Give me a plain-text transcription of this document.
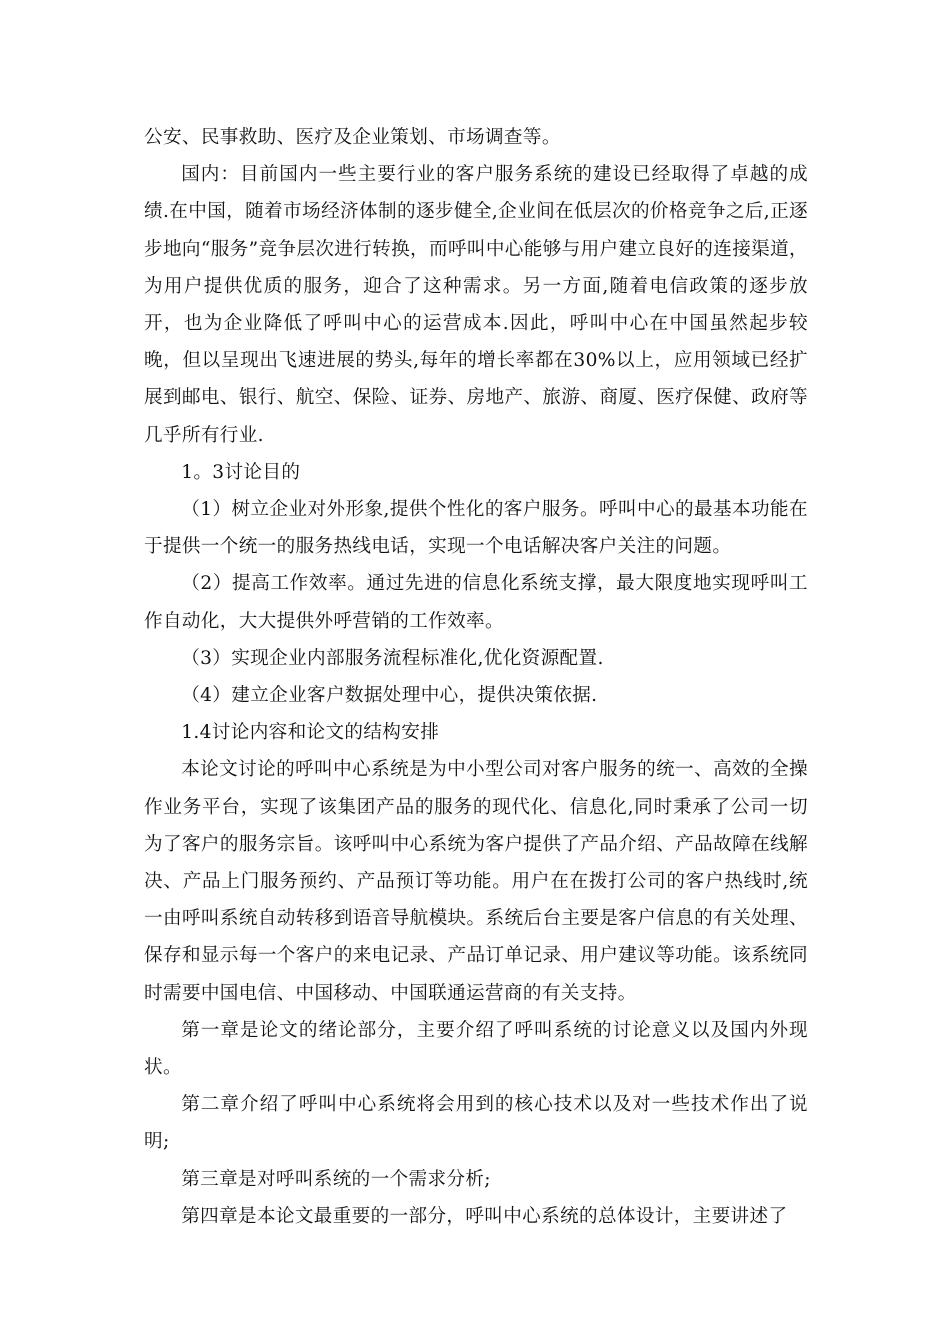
公安、民事救助、医疗及企业策划、市场调查等。

国内：目前国内一些主要行业的客户服务系统的建设已经取得了卓越的成绩.在中国，随着市场经济体制的逐步健全,企业间在低层次的价格竞争之后,正逐步地向“服务”竞争层次进行转换，而呼叫中心能够与用户建立良好的连接渠道，为用户提供优质的服务，迎合了这种需求。另一方面,随着电信政策的逐步放开，也为企业降低了呼叫中心的运营成本.因此，呼叫中心在中国虽然起步较晚，但以呈现出飞速进展的势头,每年的增长率都在30%以上，应用领域已经扩展到邮电、银行、航空、保险、证券、房地产、旅游、商厦、医疗保健、政府等几乎所有行业.

1。3讨论目的

（1）树立企业对外形象,提供个性化的客户服务。呼叫中心的最基本功能在于提供一个统一的服务热线电话，实现一个电话解决客户关注的问题。

（2）提高工作效率。通过先进的信息化系统支撑，最大限度地实现呼叫工作自动化，大大提供外呼营销的工作效率。

（3）实现企业内部服务流程标准化,优化资源配置.

（4）建立企业客户数据处理中心，提供决策依据.

1.4讨论内容和论文的结构安排

本论文讨论的呼叫中心系统是为中小型公司对客户服务的统一、高效的全操作业务平台，实现了该集团产品的服务的现代化、信息化,同时秉承了公司一切为了客户的服务宗旨。该呼叫中心系统为客户提供了产品介绍、产品故障在线解决、产品上门服务预约、产品预订等功能。用户在在拨打公司的客户热线时,统一由呼叫系统自动转移到语音导航模块。系统后台主要是客户信息的有关处理、保存和显示每一个客户的来电记录、产品订单记录、用户建议等功能。该系统同时需要中国电信、中国移动、中国联通运营商的有关支持。

第一章是论文的绪论部分，主要介绍了呼叫系统的讨论意义以及国内外现状。

第二章介绍了呼叫中心系统将会用到的核心技术以及对一些技术作出了说明;

第三章是对呼叫系统的一个需求分析;

第四章是本论文最重要的一部分，呼叫中心系统的总体设计，主要讲述了
